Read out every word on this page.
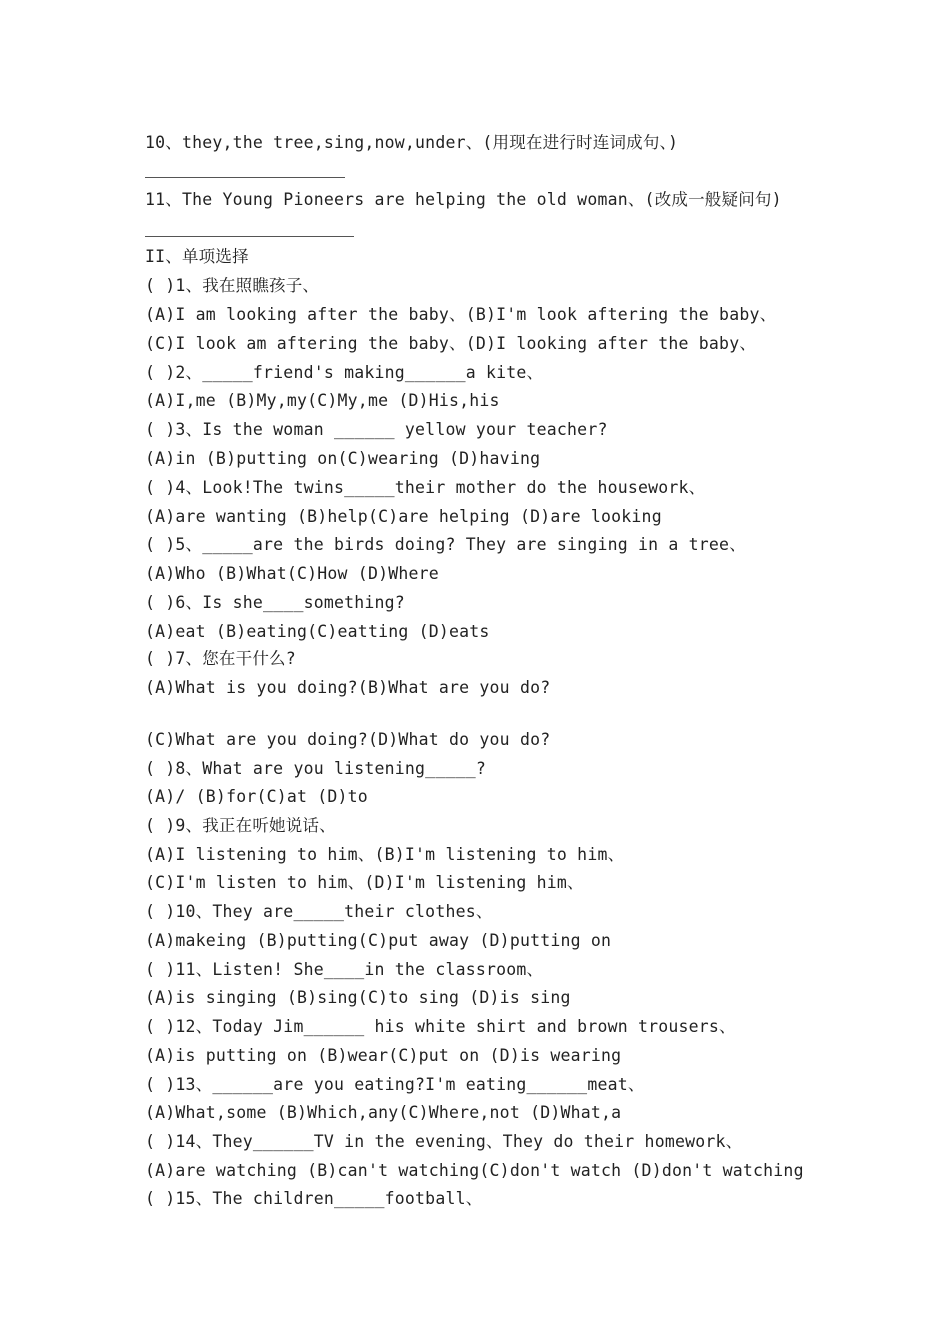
10、they,the tree,sing,now,under、(用现在进行时连词成句、)
11、The Young Pioneers are helping the old woman、(改成一般疑问句)
II、单项选择
( )1、我在照瞧孩子、
(A)I am looking after the baby、(B)I'm look aftering the baby、
(C)I look am aftering the baby、(D)I looking after the baby、
( )2、_____friend's making______a kite、
(A)I,me (B)My,my(C)My,me (D)His,his
( )3、Is the woman ______ yellow your teacher?
(A)in (B)putting on(C)wearing (D)having
( )4、Look!The twins_____their mother do the housework、
(A)are wanting (B)help(C)are helping (D)are looking
( )5、_____are the birds doing? They are singing in a tree、
(A)Who (B)What(C)How (D)Where
( )6、Is she____something?
(A)eat (B)eating(C)eatting (D)eats
( )7、您在干什么?
(A)What is you doing?(B)What are you do?
(C)What are you doing?(D)What do you do?
( )8、What are you listening_____?
(A)/ (B)for(C)at (D)to
( )9、我正在听她说话、
(A)I listening to him、(B)I'm listening to him、
(C)I'm listen to him、(D)I'm listening him、
( )10、They are_____their clothes、
(A)makeing (B)putting(C)put away (D)putting on
( )11、Listen! She____in the classroom、
(A)is singing (B)sing(C)to sing (D)is sing
( )12、Today Jim______ his white shirt and brown trousers、
(A)is putting on (B)wear(C)put on (D)is wearing
( )13、______are you eating?I'm eating______meat、
(A)What,some (B)Which,any(C)Where,not (D)What,a
( )14、They______TV in the evening、They do their homework、
(A)are watching (B)can't watching(C)don't watch (D)don't watching
( )15、The children_____football、
